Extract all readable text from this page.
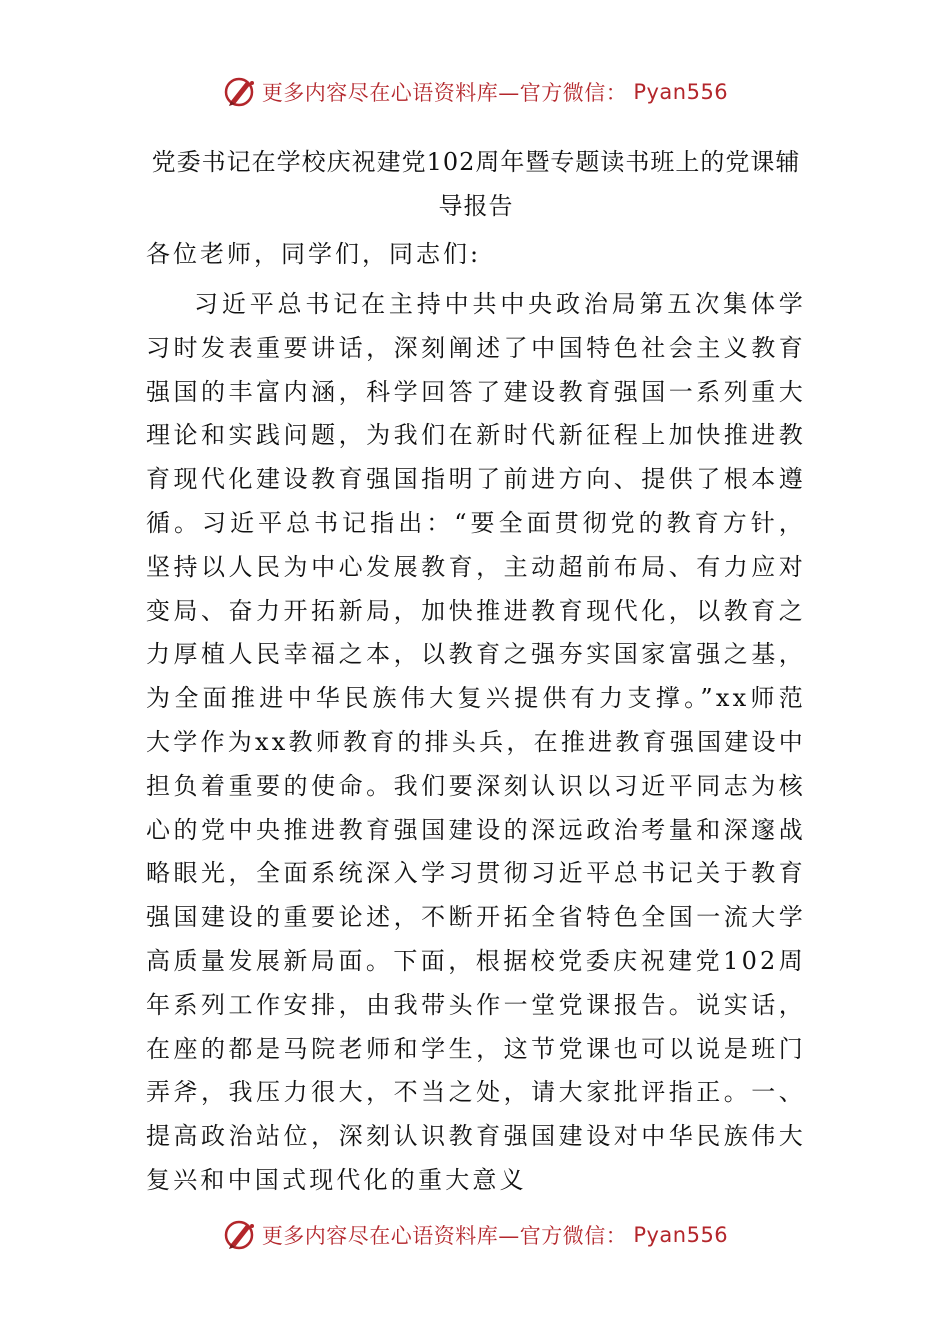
更多内容尽在心语资料库—官方微信： Pyan556
党委书记在学校庆祝建党102周年暨专题读书班上的党课辅导报告

各位老师，同学们，同志们:

习近平总书记在主持中共中央政治局第五次集体学习时发表重要讲话，深刻阐述了中国特色社会主义教育强国的丰富内涵，科学回答了建设教育强国一系列重大理论和实践问题，为我们在新时代新征程上加快推进教育现代化建设教育强国指明了前进方向、提供了根本遵循。习近平总书记指出：“要全面贯彻党的教育方针，坚持以人民为中心发展教育，主动超前布局、有力应对变局、奋力开拓新局，加快推进教育现代化，以教育之力厚植人民幸福之本，以教育之强夯实国家富强之基，为全面推进中华民族伟大复兴提供有力支撑。”xx师范大学作为xx教师教育的排头兵，在推进教育强国建设中担负着重要的使命。我们要深刻认识以习近平同志为核心的党中央推进教育强国建设的深远政治考量和深邃战略眼光，全面系统深入学习贯彻习近平总书记关于教育强国建设的重要论述，不断开拓全省特色全国一流大学高质量发展新局面。下面，根据校党委庆祝建党102周年系列工作安排，由我带头作一堂党课报告。说实话，在座的都是马院老师和学生，这节党课也可以说是班门弄斧，我压力很大，不当之处，请大家批评指正。一、提高政治站位，深刻认识教育强国建设对中华民族伟大复兴和中国式现代化的重大意义

更多内容尽在心语资料库—官方微信： Pyan556
